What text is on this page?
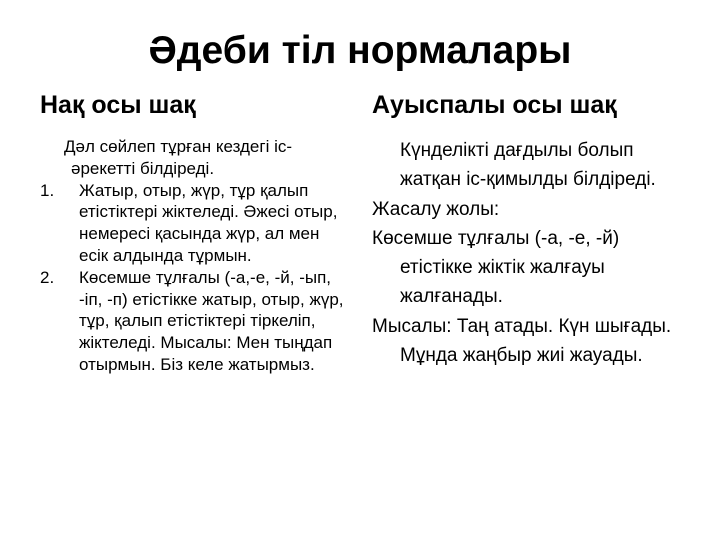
Әдеби тіл нормалары
Нақ осы шақ

Дәл сөйлеп тұрған кездегі іс-әрекетті білдіреді.

1. Жатыр, отыр, жүр, тұр қалып етістіктері жіктеледі. Әжесі отыр, немересі қасында жүр, ал мен есік алдында тұрмын.
2. Көсемше тұлғалы (-а,-е, -й, -ып, -іп, -п) етістікке жатыр, отыр, жүр, тұр, қалып етістіктері тіркеліп, жіктеледі. Мысалы: Мен тыңдап отырмын. Біз келе жатырмыз.
Ауыспалы осы шақ

Күнделікті дағдылы болып жатқан іс-қимылды білдіреді.

Жасалу жолы:

Көсемше тұлғалы (-а, -е, -й) етістікке жіктік жалғауы жалғанады.

Мысалы: Таң атады. Күн шығады. Мұнда жаңбыр жиі жауады.
